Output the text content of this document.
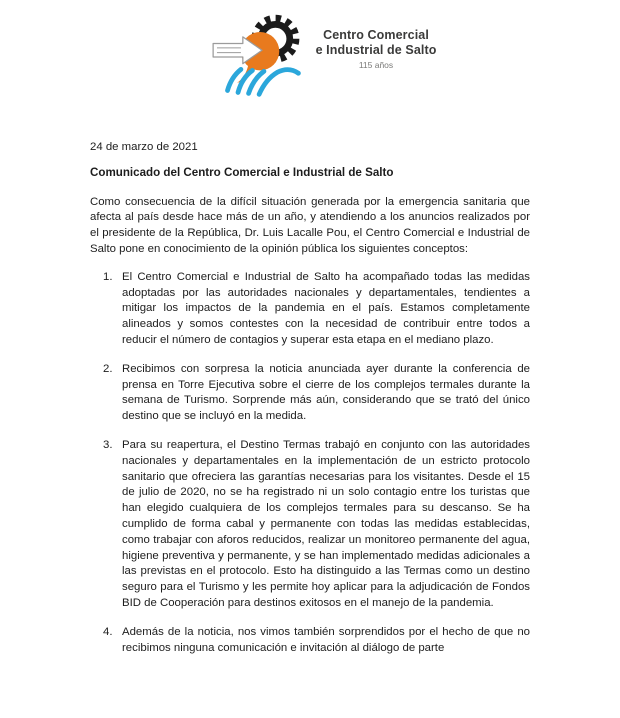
Centro Comercial
e Industrial de Salto
115 años
24 de marzo de 2021
Comunicado del Centro Comercial e Industrial de Salto

Como consecuencia de la difícil situación generada por la emergencia sanitaria que afecta al país desde hace más de un año, y atendiendo a los anuncios realizados por el presidente de la República, Dr. Luis Lacalle Pou, el Centro Comercial e Industrial de Salto pone en conocimiento de la opinión pública los siguientes conceptos:

1. El Centro Comercial e Industrial de Salto ha acompañado todas las medidas adoptadas por las autoridades nacionales y departamentales, tendientes a mitigar los impactos de la pandemia en el país. Estamos completamente alineados y somos contestes con la necesidad de contribuir entre todos a reducir el número de contagios y superar esta etapa en el mediano plazo.
2. Recibimos con sorpresa la noticia anunciada ayer durante la conferencia de prensa en Torre Ejecutiva sobre el cierre de los complejos termales durante la semana de Turismo. Sorprende más aún, considerando que se trató del único destino que se incluyó en la medida.
3. Para su reapertura, el Destino Termas trabajó en conjunto con las autoridades nacionales y departamentales en la implementación de un estricto protocolo sanitario que ofreciera las garantías necesarias para los visitantes. Desde el 15 de julio de 2020, no se ha registrado ni un solo contagio entre los turistas que han elegido cualquiera de los complejos termales para su descanso. Se ha cumplido de forma cabal y permanente con todas las medidas establecidas, como trabajar con aforos reducidos, realizar un monitoreo permanente del agua, higiene preventiva y permanente, y se han implementado medidas adicionales a las previstas en el protocolo. Esto ha distinguido a las Termas como un destino seguro para el Turismo y les permite hoy aplicar para la adjudicación de Fondos BID de Cooperación para destinos exitosos en el manejo de la pandemia.
4. Además de la noticia, nos vimos también sorprendidos por el hecho de que no recibimos ninguna comunicación e invitación al diálogo de parte
